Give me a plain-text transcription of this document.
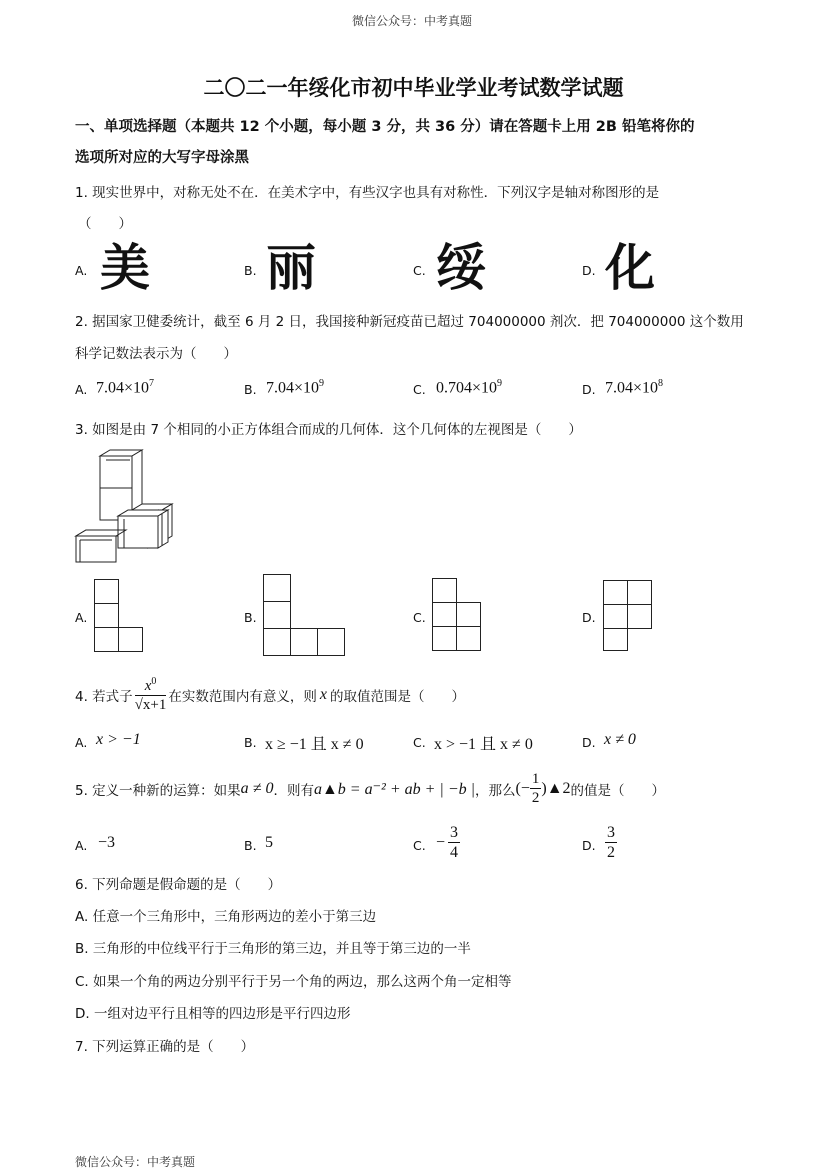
微信公众号：中考真题
二〇二一年绥化市初中毕业学业考试数学试题
一、单项选择题（本题共 12 个小题，每小题 3 分，共 36 分）请在答题卡上用 2B 铅笔将你的
选项所对应的大写字母涂黑
1. 现实世界中，对称无处不在．在美术字中，有些汉字也具有对称性．下列汉字是轴对称图形的是
（　　）
A. 美	B. 丽	C. 绥	D. 化
2. 据国家卫健委统计，截至 6 月 2 日，我国接种新冠疫苗已超过 704000000 剂次．把 704000000 这个数用
科学记数法表示为（　　）
A. $7.04\times 10^7$	B. $7.04\times 10^9$	C. $0.704\times 10^9$	D. $7.04\times 10^8$
3. 如图是由 7 个相同的小正方体组合而成的几何体．这个几何体的左视图是（　　）
A.	B.	C.	D.
4. 若式子 $\frac{x^0}{√x+1}$ 在实数范围内有意义，则 x 的取值范围是（　　）
A. x > −1	B. x ≥ −1 且 x ≠ 0	C. x > −1 且 x ≠ 0	D. x ≠ 0
5. 定义一种新的运算：如果 a ≠ 0 ．则有 a▲b = a⁻² + ab + | −b | ，那么 (− $\frac{1}{2}$ )▲2 的值是（　　）
A. −3	B. 5	C. − $\frac{3}{4}$	D. $\frac{3}{2}$
6. 下列命题是假命题的是（　　）
A. 任意一个三角形中，三角形两边的差小于第三边
B. 三角形的中位线平行于三角形的第三边，并且等于第三边的一半
C. 如果一个角的两边分别平行于另一个角的两边，那么这两个角一定相等
D. 一组对边平行且相等的四边形是平行四边形
7. 下列运算正确的是（　　）
微信公众号：中考真题
